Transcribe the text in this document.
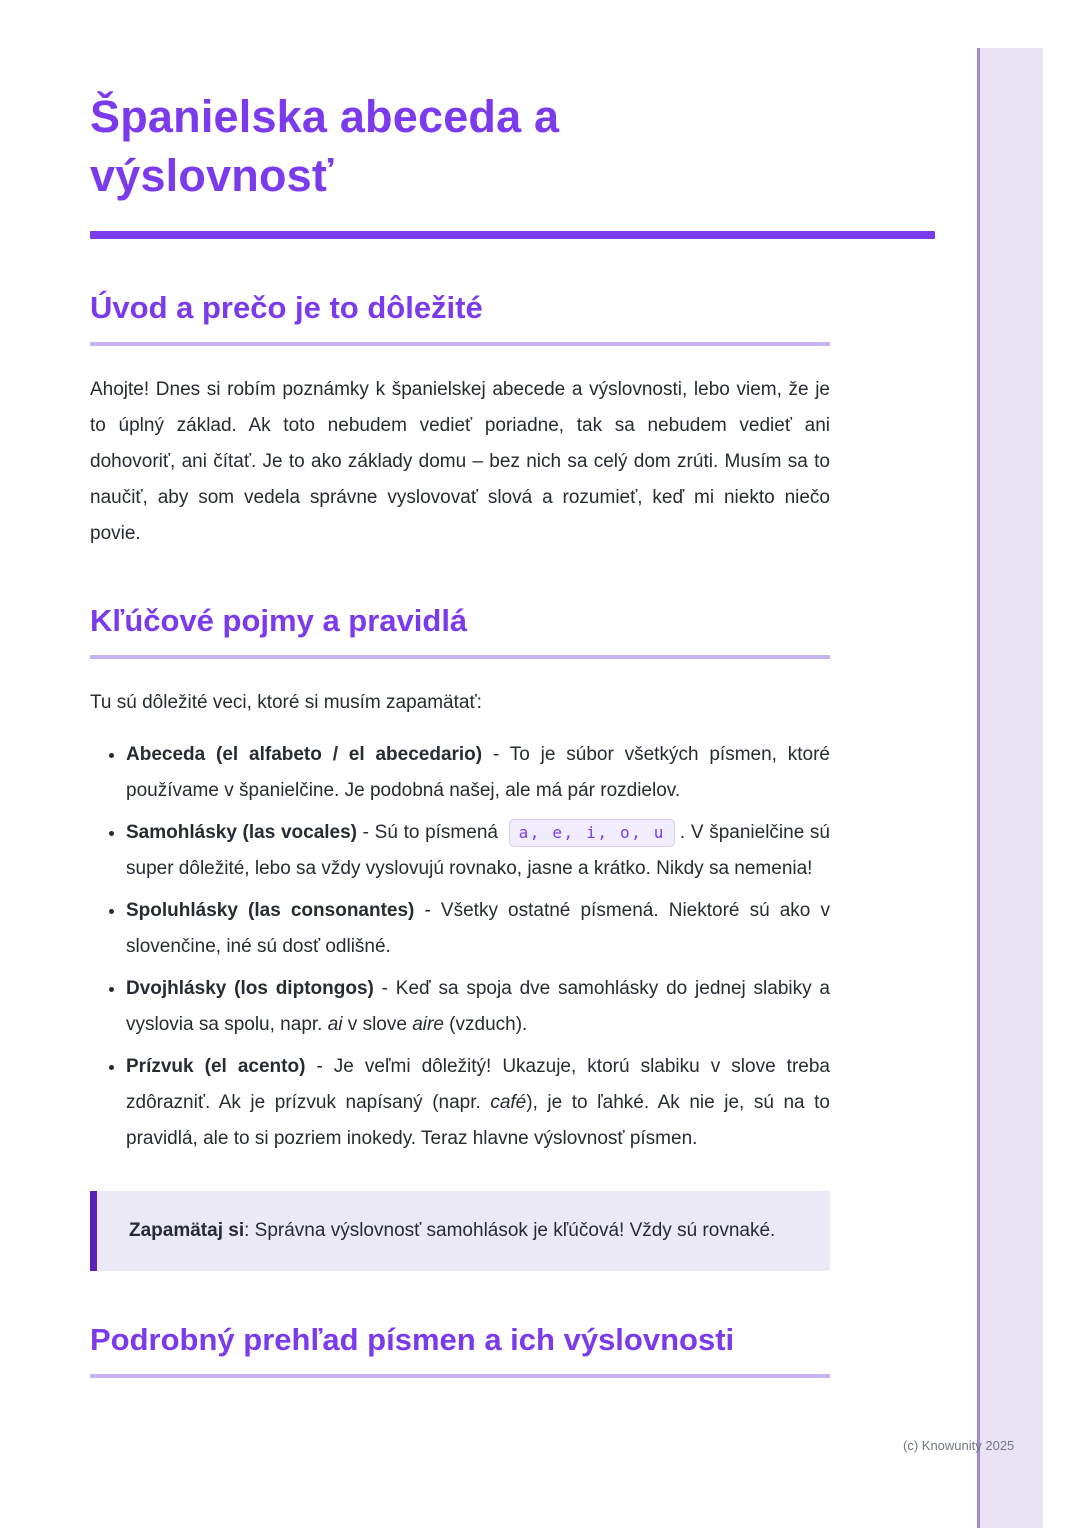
(c) Knowunity 2025
Španielska abeceda a výslovnosť
Úvod a prečo je to dôležité

Ahojte! Dnes si robím poznámky k španielskej abecede a výslovnosti, lebo viem, že je to úplný základ. Ak toto nebudem vedieť poriadne, tak sa nebudem vedieť ani dohovoriť, ani čítať. Je to ako základy domu – bez nich sa celý dom zrúti. Musím sa to naučiť, aby som vedela správne vyslovovať slová a rozumieť, keď mi niekto niečo povie.

Kľúčové pojmy a pravidlá

Tu sú dôležité veci, ktoré si musím zapamätať:

• Abeceda (el alfabeto / el abecedario) - To je súbor všetkých písmen, ktoré používame v španielčine. Je podobná našej, ale má pár rozdielov.
• Samohlásky (las vocales) - Sú to písmená a, e, i, o, u . V španielčine sú super dôležité, lebo sa vždy vyslovujú rovnako, jasne a krátko. Nikdy sa nemenia!
• Spoluhlásky (las consonantes) - Všetky ostatné písmená. Niektoré sú ako v slovenčine, iné sú dosť odlišné.
• Dvojhlásky (los diptongos) - Keď sa spoja dve samohlásky do jednej slabiky a vyslovia sa spolu, napr. ai v slove aire (vzduch).
• Prízvuk (el acento) - Je veľmi dôležitý! Ukazuje, ktorú slabiku v slove treba zdôrazniť. Ak je prízvuk napísaný (napr. café), je to ľahké. Ak nie je, sú na to pravidlá, ale to si pozriem inokedy. Teraz hlavne výslovnosť písmen.

Zapamätaj si: Správna výslovnosť samohlások je kľúčová! Vždy sú rovnaké.

Podrobný prehľad písmen a ich výslovnosti
